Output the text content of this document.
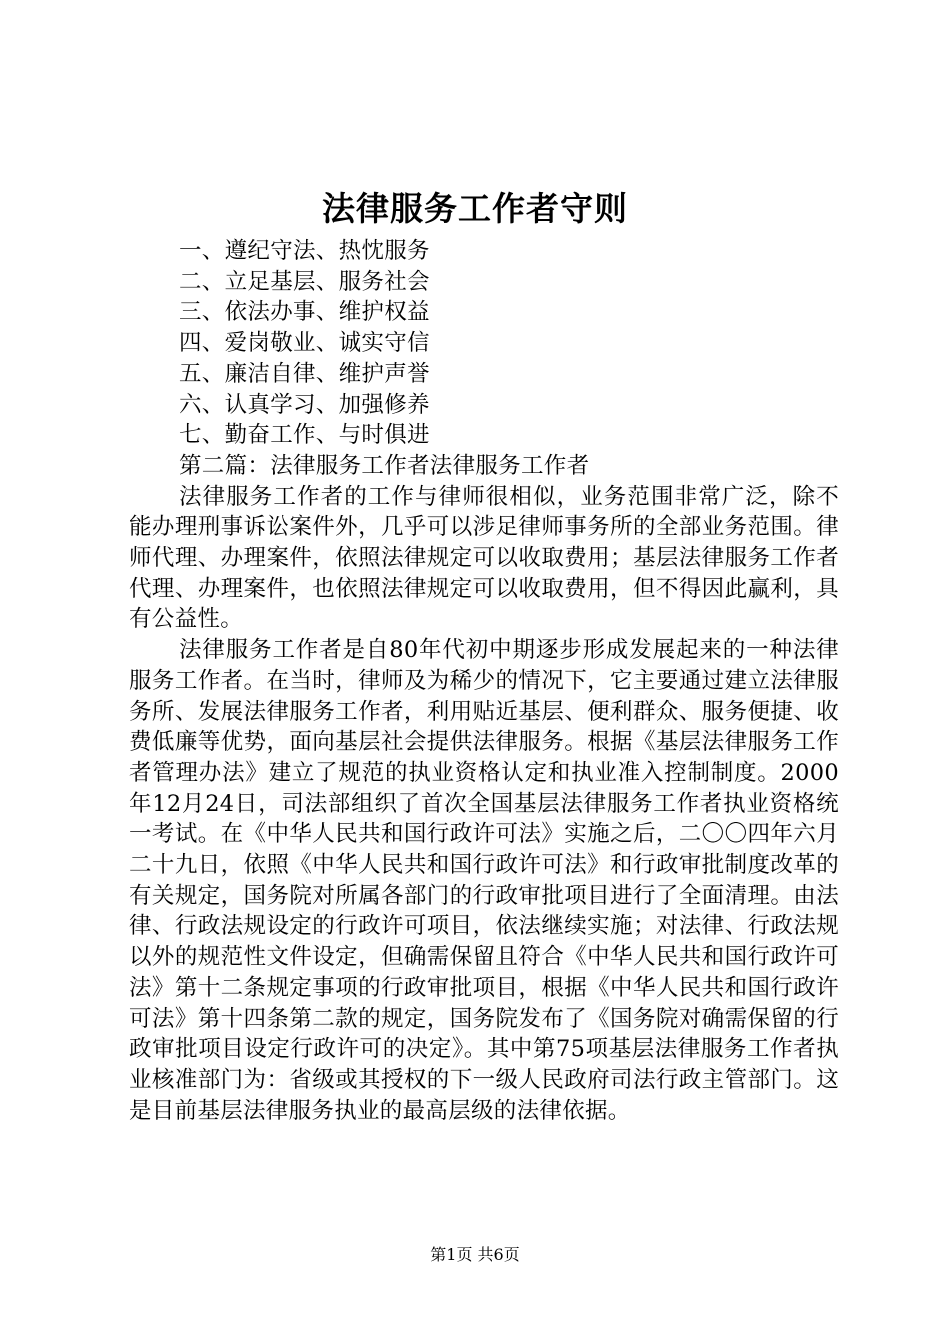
法律服务工作者守则

一、遵纪守法、热忱服务

二、立足基层、服务社会

三、依法办事、维护权益

四、爱岗敬业、诚实守信

五、廉洁自律、维护声誉

六、认真学习、加强修养

七、勤奋工作、与时俱进

第二篇：法律服务工作者法律服务工作者

法律服务工作者的工作与律师很相似，业务范围非常广泛，除不能办理刑事诉讼案件外，几乎可以涉足律师事务所的全部业务范围。律师代理、办理案件，依照法律规定可以收取费用；基层法律服务工作者代理、办理案件，也依照法律规定可以收取费用，但不得因此赢利，具有公益性。

法律服务工作者是自80年代初中期逐步形成发展起来的一种法律服务工作者。在当时，律师及为稀少的情况下，它主要通过建立法律服务所、发展法律服务工作者，利用贴近基层、便利群众、服务便捷、收费低廉等优势，面向基层社会提供法律服务。根据《基层法律服务工作者管理办法》建立了规范的执业资格认定和执业准入控制制度。2000年12月24日，司法部组织了首次全国基层法律服务工作者执业资格统一考试。在《中华人民共和国行政许可法》实施之后，二〇〇四年六月二十九日，依照《中华人民共和国行政许可法》和行政审批制度改革的有关规定，国务院对所属各部门的行政审批项目进行了全面清理。由法律、行政法规设定的行政许可项目，依法继续实施；对法律、行政法规以外的规范性文件设定，但确需保留且符合《中华人民共和国行政许可法》第十二条规定事项的行政审批项目，根据《中华人民共和国行政许可法》第十四条第二款的规定，国务院发布了《国务院对确需保留的行政审批项目设定行政许可的决定》。其中第75项基层法律服务工作者执业核准部门为：省级或其授权的下一级人民政府司法行政主管部门。这是目前基层法律服务执业的最高层级的法律依据。

第1页 共6页
